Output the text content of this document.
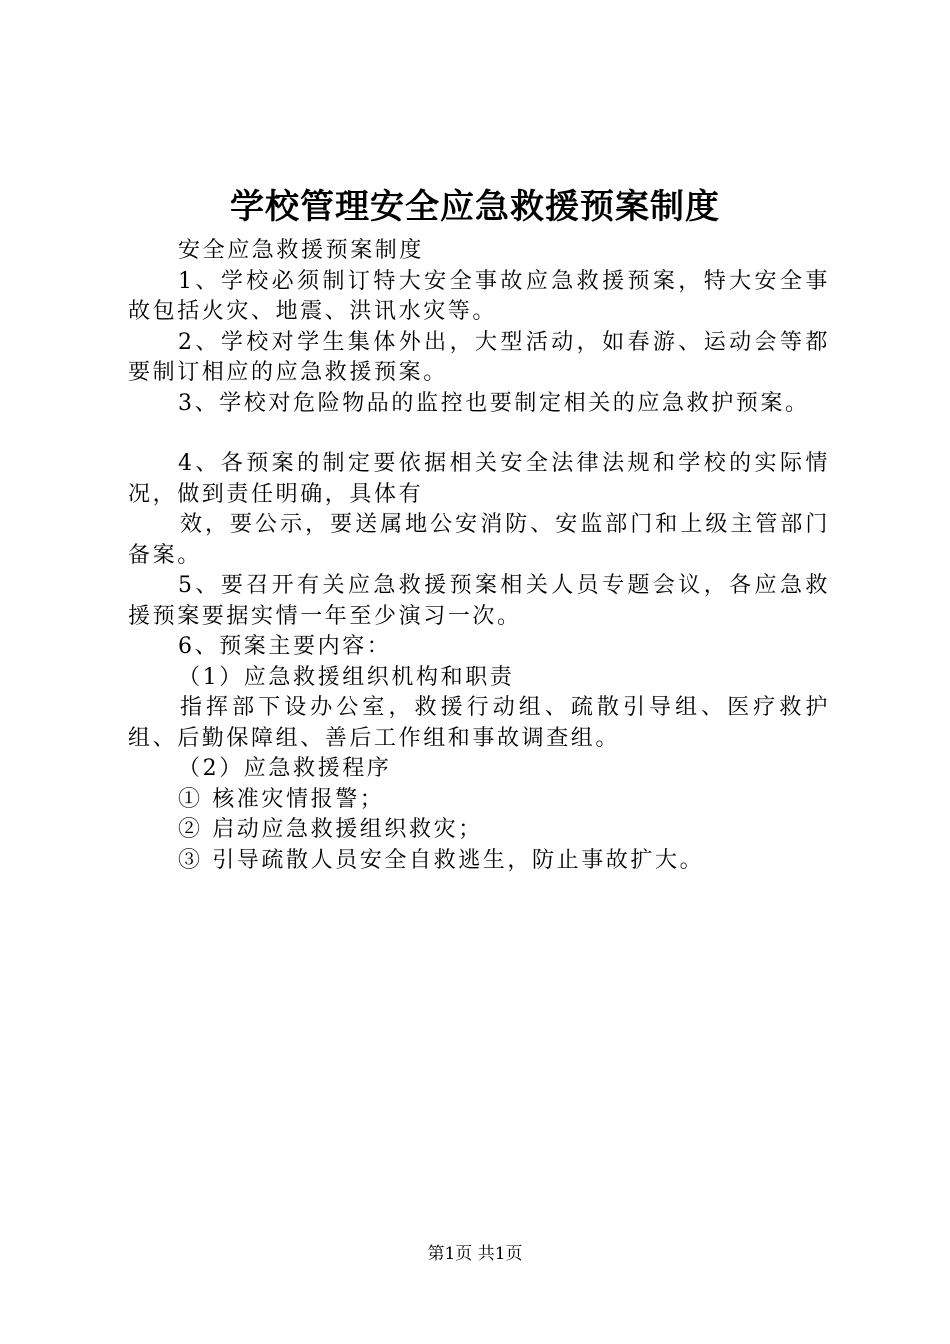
学校管理安全应急救援预案制度

安全应急救援预案制度

1、学校必须制订特大安全事故应急救援预案，特大安全事故包括火灾、地震、洪讯水灾等。

2、学校对学生集体外出，大型活动，如春游、运动会等都要制订相应的应急救援预案。

3、学校对危险物品的监控也要制定相关的应急救护预案。

4、各预案的制定要依据相关安全法律法规和学校的实际情况，做到责任明确，具体有

效，要公示，要送属地公安消防、安监部门和上级主管部门备案。

5、要召开有关应急救援预案相关人员专题会议，各应急救援预案要据实情一年至少演习一次。

6、预案主要内容：

（1）应急救援组织机构和职责

指挥部下设办公室，救援行动组、疏散引导组、医疗救护组、后勤保障组、善后工作组和事故调查组。

（2）应急救援程序

① 核准灾情报警；

② 启动应急救援组织救灾；

③ 引导疏散人员安全自救逃生，防止事故扩大。

第1页 共1页
